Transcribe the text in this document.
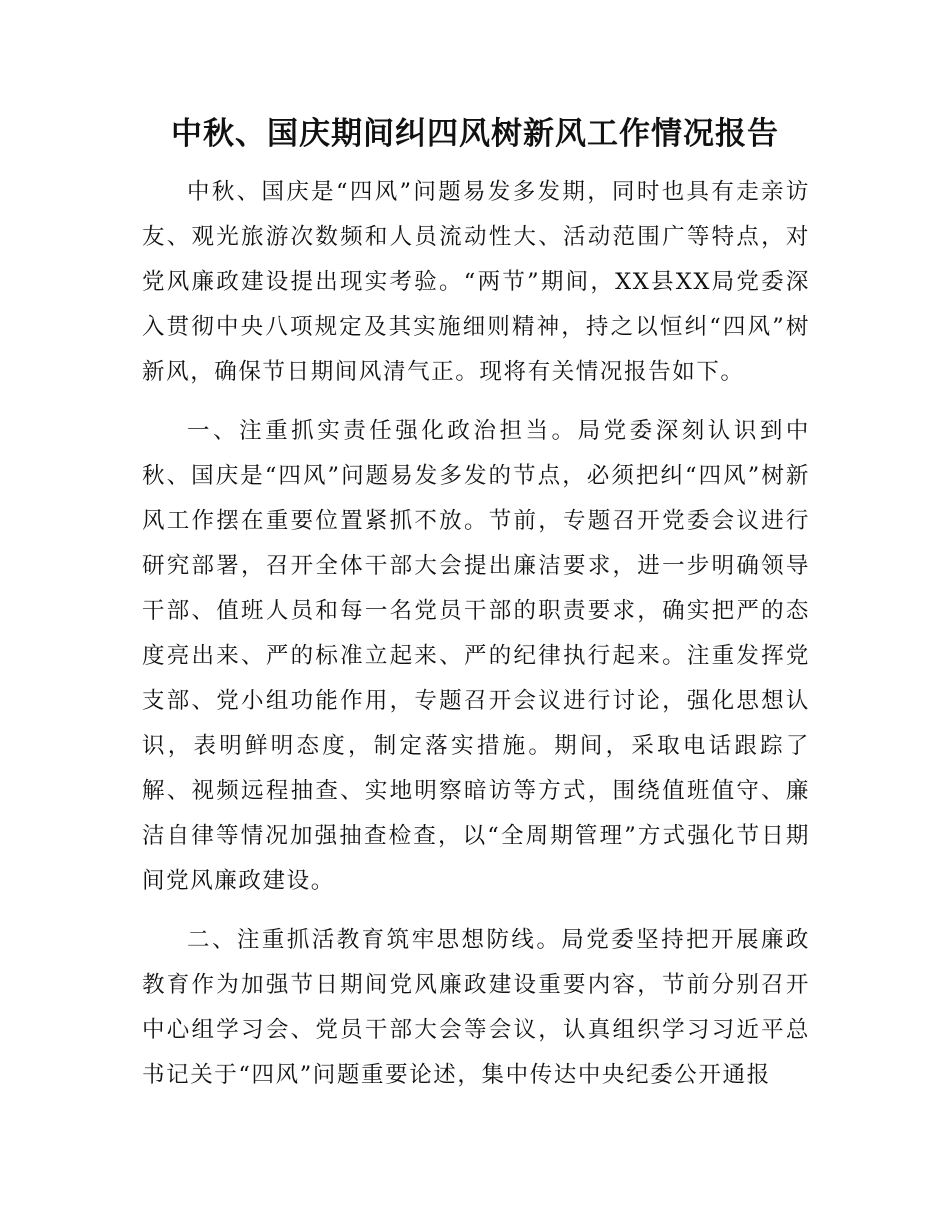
中秋、国庆期间纠四风树新风工作情况报告

中秋、国庆是“四风”问题易发多发期，同时也具有走亲访友、观光旅游次数频和人员流动性大、活动范围广等特点，对党风廉政建设提出现实考验。“两节”期间，XX县XX局党委深入贯彻中央八项规定及其实施细则精神，持之以恒纠“四风”树新风，确保节日期间风清气正。现将有关情况报告如下。

一、注重抓实责任强化政治担当。局党委深刻认识到中秋、国庆是“四风”问题易发多发的节点，必须把纠“四风”树新风工作摆在重要位置紧抓不放。节前，专题召开党委会议进行研究部署，召开全体干部大会提出廉洁要求，进一步明确领导干部、值班人员和每一名党员干部的职责要求，确实把严的态度亮出来、严的标准立起来、严的纪律执行起来。注重发挥党支部、党小组功能作用，专题召开会议进行讨论，强化思想认识，表明鲜明态度，制定落实措施。期间，采取电话跟踪了解、视频远程抽查、实地明察暗访等方式，围绕值班值守、廉洁自律等情况加强抽查检查，以“全周期管理”方式强化节日期间党风廉政建设。

二、注重抓活教育筑牢思想防线。局党委坚持把开展廉政教育作为加强节日期间党风廉政建设重要内容，节前分别召开中心组学习会、党员干部大会等会议，认真组织学习习近平总书记关于“四风”问题重要论述，集中传达中央纪委公开通报
